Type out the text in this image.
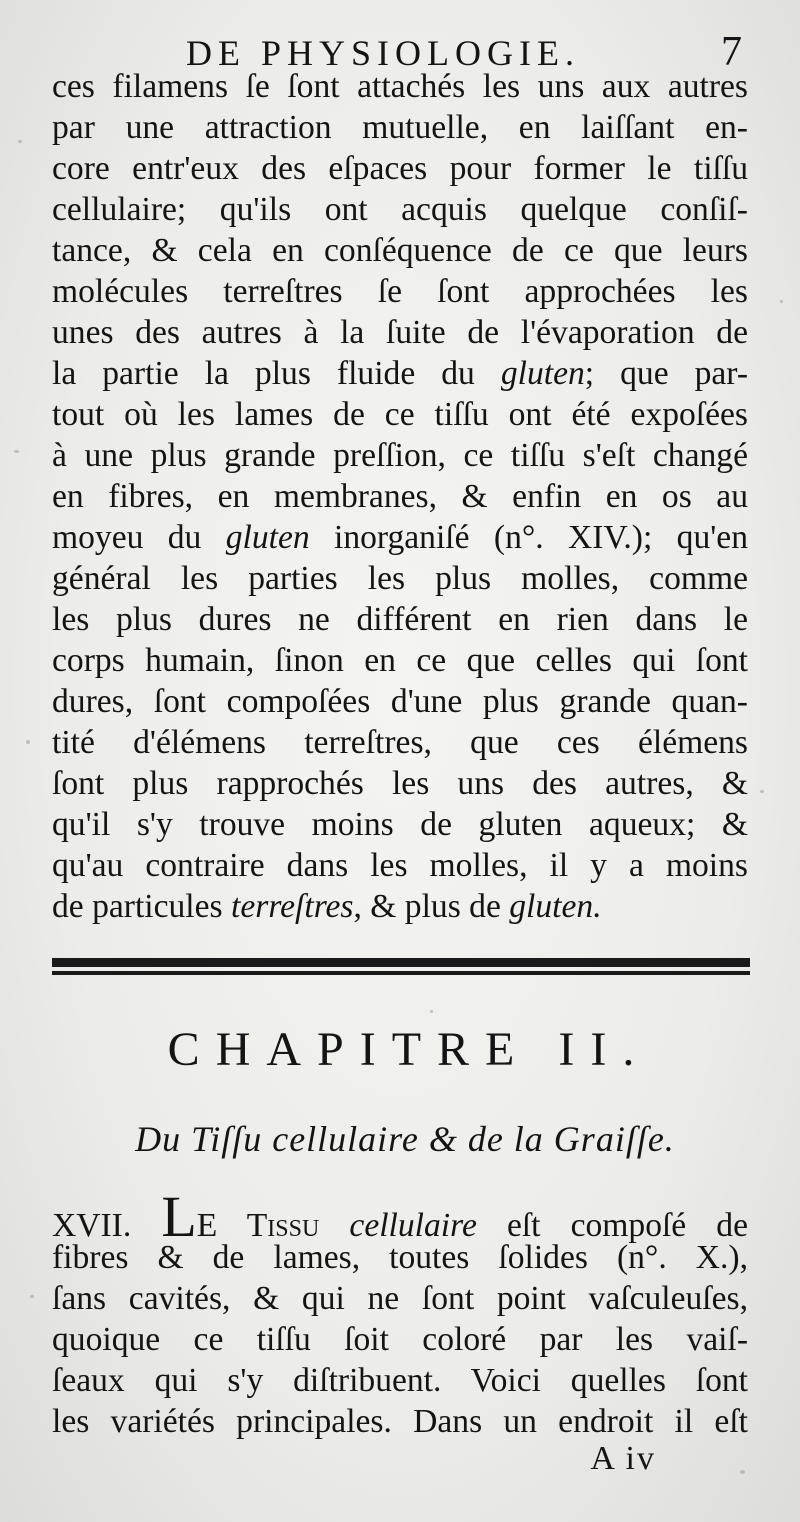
DE PHYSIOLOGIE.	7
ces filamens ſe ſont attachés les uns aux autres
par une attraction mutuelle, en laiſſant en-
core entr'eux des eſpaces pour former le tiſſu
cellulaire; qu'ils ont acquis quelque conſiſ-
tance, & cela en conſéquence de ce que leurs
molécules terreſtres ſe ſont approchées les
unes des autres à la ſuite de l'évaporation de
la partie la plus fluide du gluten; que par-
tout où les lames de ce tiſſu ont été expoſées
à une plus grande preſſion, ce tiſſu s'eſt changé
en fibres, en membranes, & enfin en os au
moyeu du gluten inorganiſé (n°. XIV.); qu'en
général les parties les plus molles, comme
les plus dures ne différent en rien dans le
corps humain, ſinon en ce que celles qui ſont
dures, ſont compoſées d'une plus grande quan-
tité d'élémens terreſtres, que ces élémens
ſont plus rapprochés les uns des autres, &
qu'il s'y trouve moins de gluten aqueux; &
qu'au contraire dans les molles, il y a moins
de particules terreſtres, & plus de gluten.
CHAPITRE II.
Du Tiſſu cellulaire & de la Graiſſe.
XVII. LE Tissu cellulaire eſt compoſé de
fibres & de lames, toutes ſolides (n°. X.),
ſans cavités, & qui ne ſont point vaſculeuſes,
quoique ce tiſſu ſoit coloré par les vaiſ-
ſeaux qui s'y diſtribuent. Voici quelles ſont
les variétés principales. Dans un endroit il eſt
A iv
